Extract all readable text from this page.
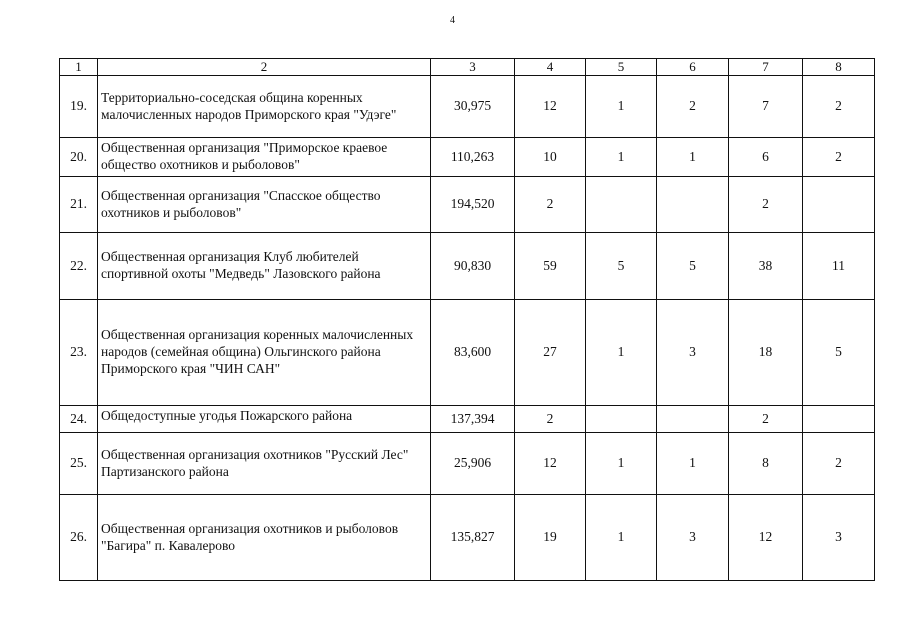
4
1	2	3	4	5	6	7	8
19.	Территориально-соседская община коренных малочисленных народов Приморского края "Удэге"	30,975	12	1	2	7	2
20.	Общественная организация "Приморское краевое общество охотников и рыболовов"	110,263	10	1	1	6	2
21.	Общественная организация "Спасское общество охотников и рыболовов"	194,520	2			2	
22.	Общественная организация Клуб любителей спортивной охоты "Медведь" Лазовского района	90,830	59	5	5	38	11
23.	Общественная организация коренных малочисленных народов (семейная община) Ольгинского района Приморского края "ЧИН САН"	83,600	27	1	3	18	5
24.	Общедоступные угодья Пожарского района	137,394	2			2	
25.	Общественная организация охотников "Русский Лес" Партизанского района	25,906	12	1	1	8	2
26.	Общественная организация охотников и рыболовов "Багира" п. Кавалерово	135,827	19	1	3	12	3
